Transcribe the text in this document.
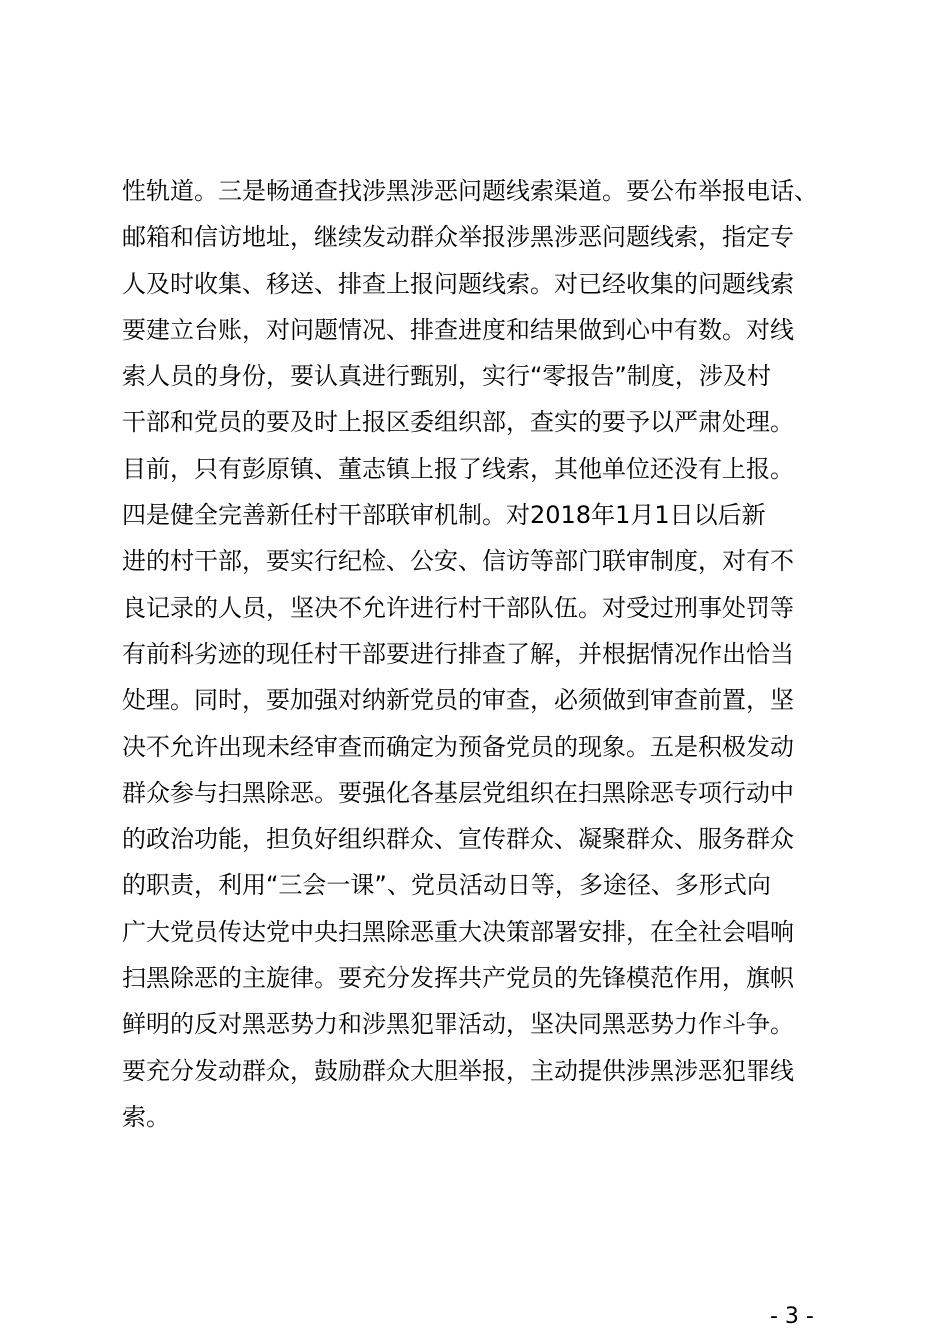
性轨道。三是畅通查找涉黑涉恶问题线索渠道。要公布举报电话、
邮箱和信访地址，继续发动群众举报涉黑涉恶问题线索，指定专
人及时收集、移送、排查上报问题线索。对已经收集的问题线索
要建立台账，对问题情况、排查进度和结果做到心中有数。对线
索人员的身份，要认真进行甄别，实行“零报告”制度，涉及村
干部和党员的要及时上报区委组织部，查实的要予以严肃处理。
目前，只有彭原镇、董志镇上报了线索，其他单位还没有上报。
四是健全完善新任村干部联审机制。对2018年1月1日以后新
进的村干部，要实行纪检、公安、信访等部门联审制度，对有不
良记录的人员，坚决不允许进行村干部队伍。对受过刑事处罚等
有前科劣迹的现任村干部要进行排查了解，并根据情况作出恰当
处理。同时，要加强对纳新党员的审查，必须做到审查前置，坚
决不允许出现未经审查而确定为预备党员的现象。五是积极发动
群众参与扫黑除恶。要强化各基层党组织在扫黑除恶专项行动中
的政治功能，担负好组织群众、宣传群众、凝聚群众、服务群众
的职责，利用“三会一课”、党员活动日等，多途径、多形式向
广大党员传达党中央扫黑除恶重大决策部署安排，在全社会唱响
扫黑除恶的主旋律。要充分发挥共产党员的先锋模范作用，旗帜
鲜明的反对黑恶势力和涉黑犯罪活动，坚决同黑恶势力作斗争。
要充分发动群众，鼓励群众大胆举报，主动提供涉黑涉恶犯罪线
索。
- 3 -
